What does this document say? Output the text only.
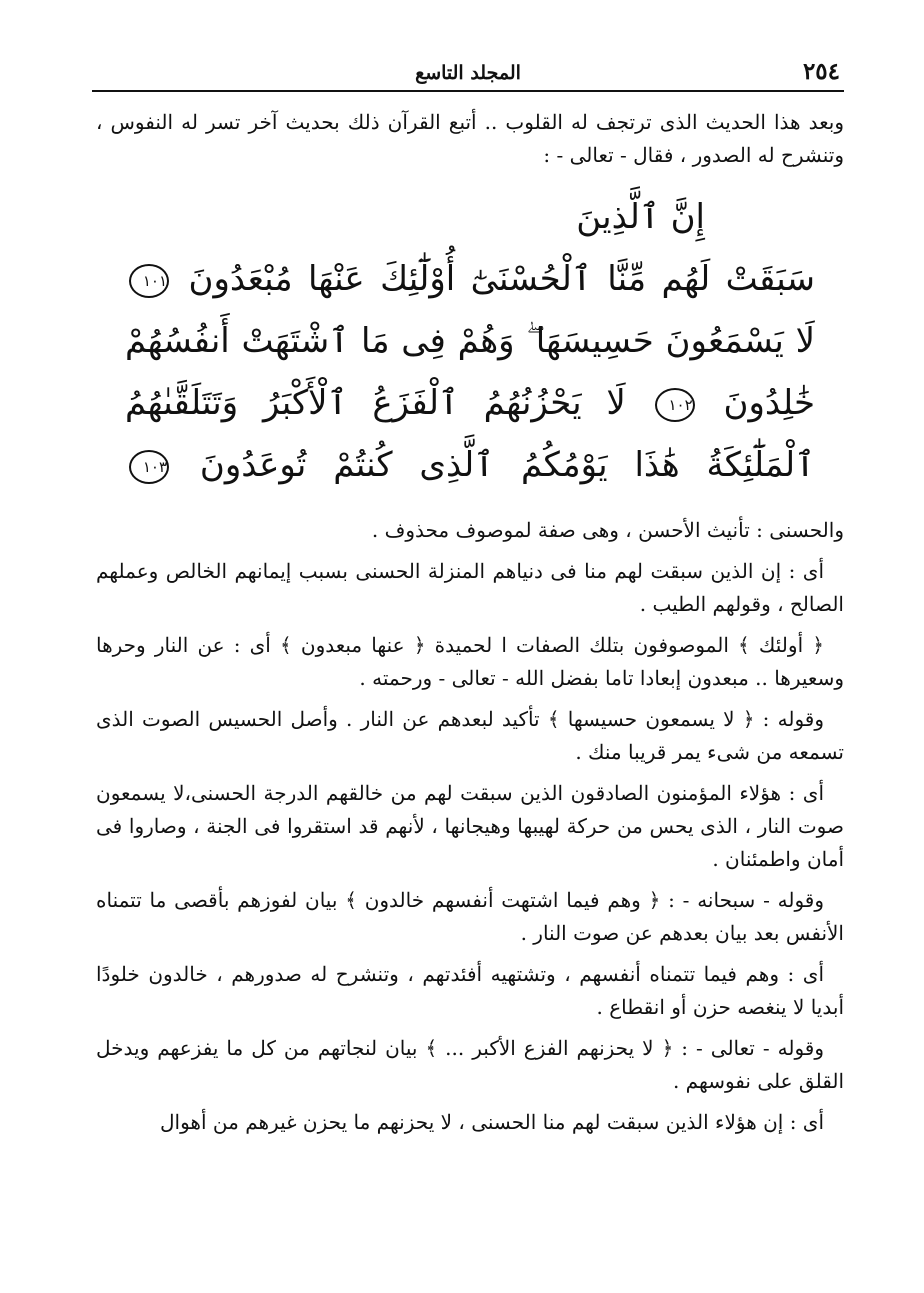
٢٥٤
المجلد التاسع

وبعد هذا الحديث الذى ترتجف له القلوب .. أتبع القرآن ذلك بحديث آخر تسر له النفوس ، وتنشرح له الصدور ، فقال - تعالى - :

إِنَّ ٱلَّذِينَ
سَبَقَتْ لَهُم مِّنَّا ٱلْحُسْنَىٰٓ أُوْلَٰٓئِكَ عَنْهَا مُبْعَدُونَ ١٠١
لَا يَسْمَعُونَ حَسِيسَهَا ۖ وَهُمْ فِى مَا ٱشْتَهَتْ أَنفُسُهُمْ
خَٰلِدُونَ ١٠٢ لَا يَحْزُنُهُمُ ٱلْفَزَعُ ٱلْأَكْبَرُ وَتَتَلَقَّىٰهُمُ
ٱلْمَلَٰٓئِكَةُ هَٰذَا يَوْمُكُمُ ٱلَّذِى كُنتُمْ تُوعَدُونَ ١٠٣

والحسنى : تأنيث الأحسن ، وهى صفة لموصوف محذوف .

أى : إن الذين سبقت لهم منا فى دنياهم المنزلة الحسنى بسبب إيمانهم الخالص وعملهم الصالح ، وقولهم الطيب .

﴿ أولئك ﴾ الموصوفون بتلك الصفات ا لحميدة ﴿ عنها مبعدون ﴾ أى : عن النار وحرها وسعيرها .. مبعدون إبعادا تاما بفضل الله - تعالى - ورحمته .

وقوله : ﴿ لا يسمعون حسيسها ﴾ تأكيد لبعدهم عن النار . وأصل الحسيس الصوت الذى تسمعه من شىء يمر قريبا منك .

أى : هؤلاء المؤمنون الصادقون الذين سبقت لهم من خالقهم الدرجة الحسنى،لا يسمعون صوت النار ، الذى يحس من حركة لهيبها وهيجانها ، لأنهم قد استقروا فى الجنة ، وصاروا فى أمان واطمئنان .

وقوله - سبحانه - : ﴿ وهم فيما اشتهت أنفسهم خالدون ﴾ بيان لفوزهم بأقصى ما تتمناه الأنفس بعد بيان بعدهم عن صوت النار .

أى : وهم فيما تتمناه أنفسهم ، وتشتهيه أفئدتهم ، وتنشرح له صدورهم ، خالدون خلودًا أبديا لا ينغصه حزن أو انقطاع .

وقوله - تعالى - : ﴿ لا يحزنهم الفزع الأكبر ... ﴾ بيان لنجاتهم من كل ما يفزعهم ويدخل القلق على نفوسهم .

أى : إن هؤلاء الذين سبقت لهم منا الحسنى ، لا يحزنهم ما يحزن غيرهم من أهوال
